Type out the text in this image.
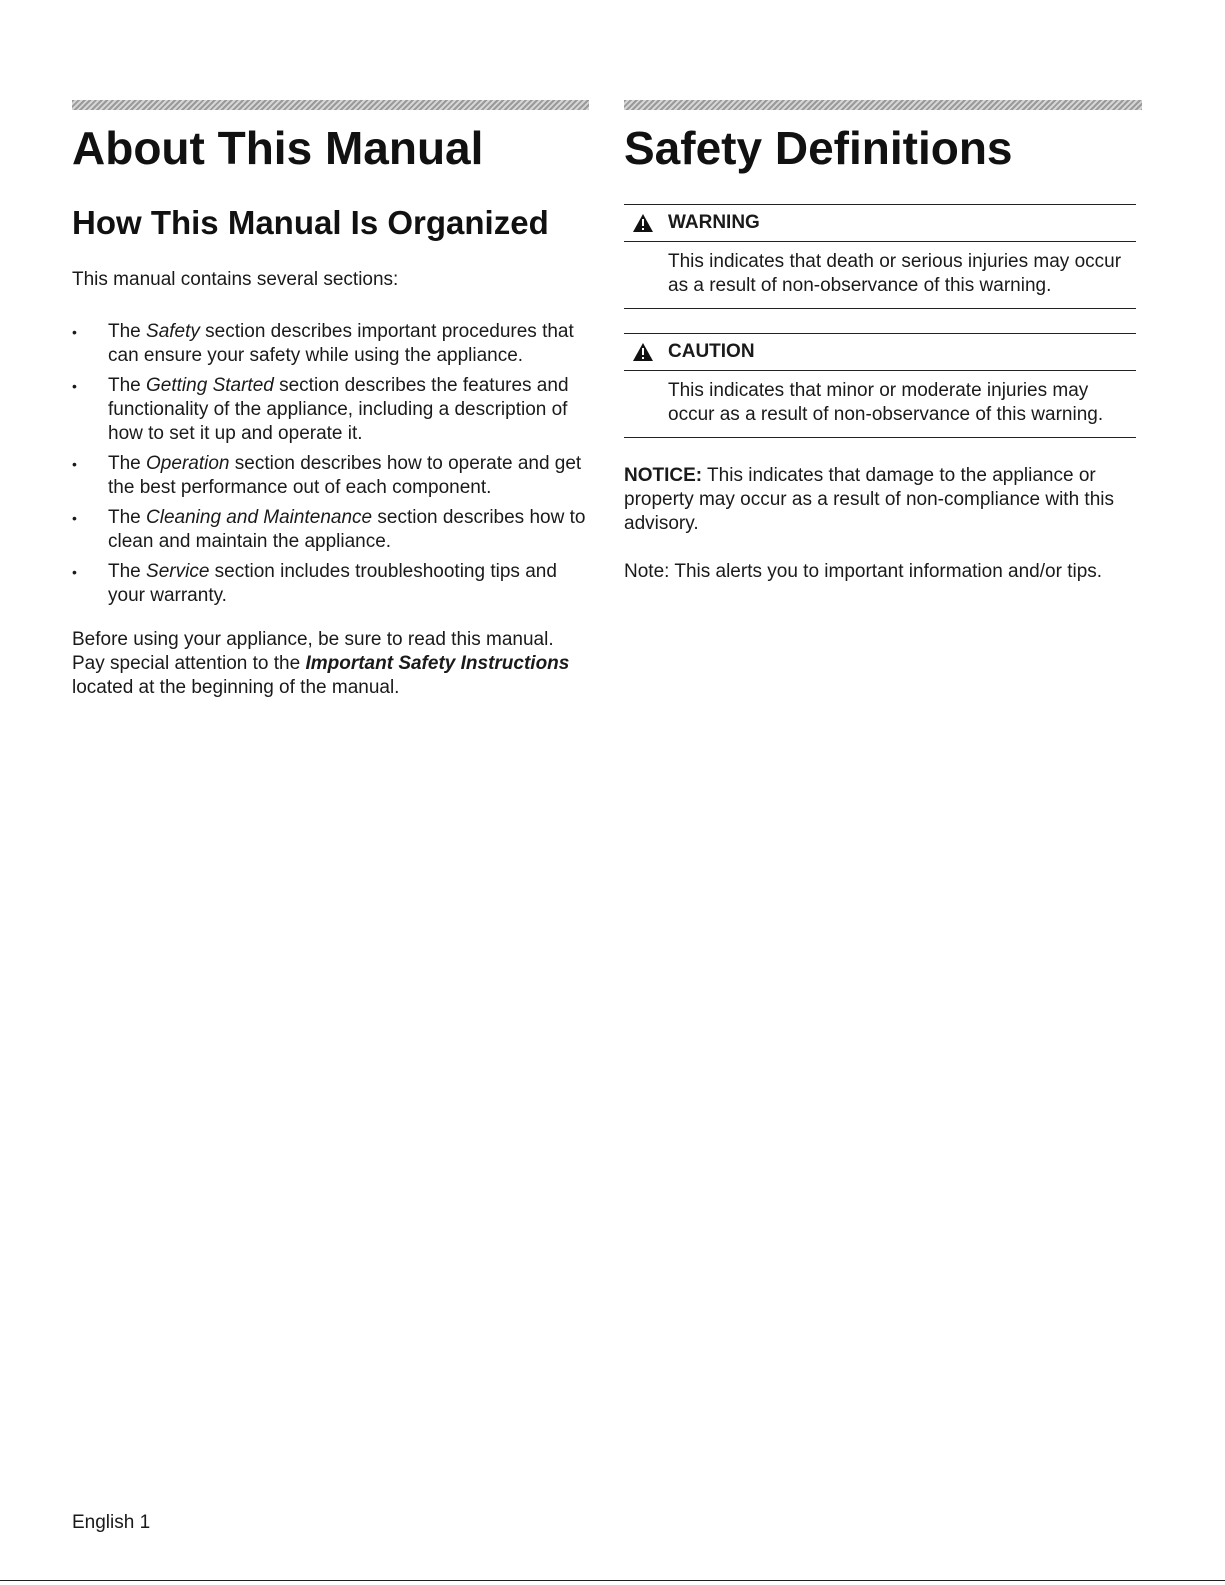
About This Manual
How This Manual Is Organized

This manual contains several sections:

• The Safety section describes important procedures that can ensure your safety while using the appliance.
• The Getting Started section describes the features and functionality of the appliance, including a description of how to set it up and operate it.
• The Operation section describes how to operate and get the best performance out of each component.
• The Cleaning and Maintenance section describes how to clean and maintain the appliance.
• The Service section includes troubleshooting tips and your warranty.

Before using your appliance, be sure to read this manual. Pay special attention to the Important Safety Instructions located at the beginning of the manual.

Safety Definitions
WARNING
This indicates that death or serious injuries may occur as a result of non-observance of this warning.
CAUTION
This indicates that minor or moderate injuries may occur as a result of non-observance of this warning.

NOTICE: This indicates that damage to the appliance or property may occur as a result of non-compliance with this advisory.

Note: This alerts you to important information and/or tips.

English 1
